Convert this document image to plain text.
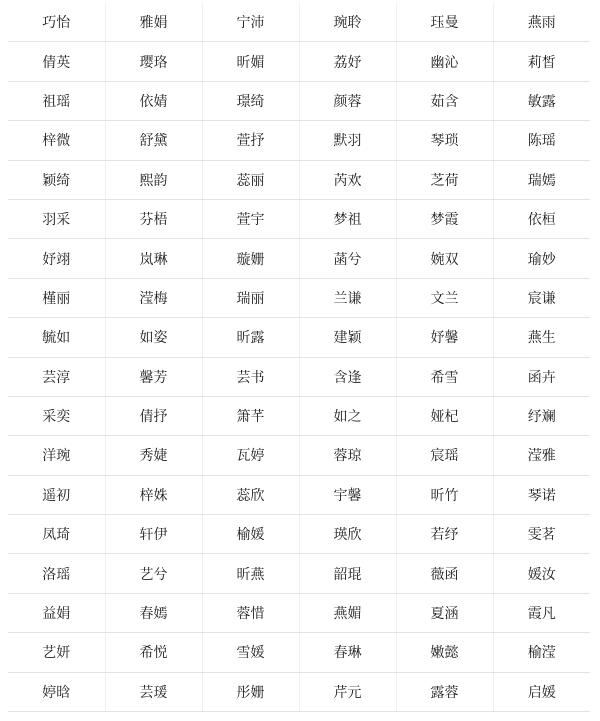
巧怡	雅娟	宁沛	琬聆	珏曼	燕雨
倩英	璎珞	昕媚	荔妤	幽沁	莉皙
祖瑶	依婧	璟绮	颜蓉	茹含	敏露
梓微	舒黛	萱抒	默羽	琴琐	陈瑶
颖绮	熙韵	蕊丽	芮欢	芝荷	瑞嫣
羽采	芬梧	萱宇	梦祖	梦霞	依桓
妤翊	岚琳	璇姗	菡兮	婉双	瑜妙
槿丽	滢梅	瑞丽	兰谦	文兰	宸谦
毓如	如姿	昕露	建颖	妤馨	燕生
芸淳	馨芳	芸书	含逢	希雪	函卉
采奕	倩抒	箫芊	如之	娅杞	纾斓
洋琬	秀婕	瓦婷	蓉琼	宸瑶	滢雅
遥初	梓姝	蕊欣	宇馨	昕竹	琴诺
凤琦	轩伊	榆媛	瑛欣	若纾	雯茗
洛瑶	艺兮	昕燕	韶琨	薇函	媛汝
益娟	春嫣	蓉惜	燕媚	夏涵	霞凡
艺妍	希悦	雪媛	春琳	嫩懿	榆滢
婷晗	芸瑗	彤姗	芹元	露蓉	启媛
